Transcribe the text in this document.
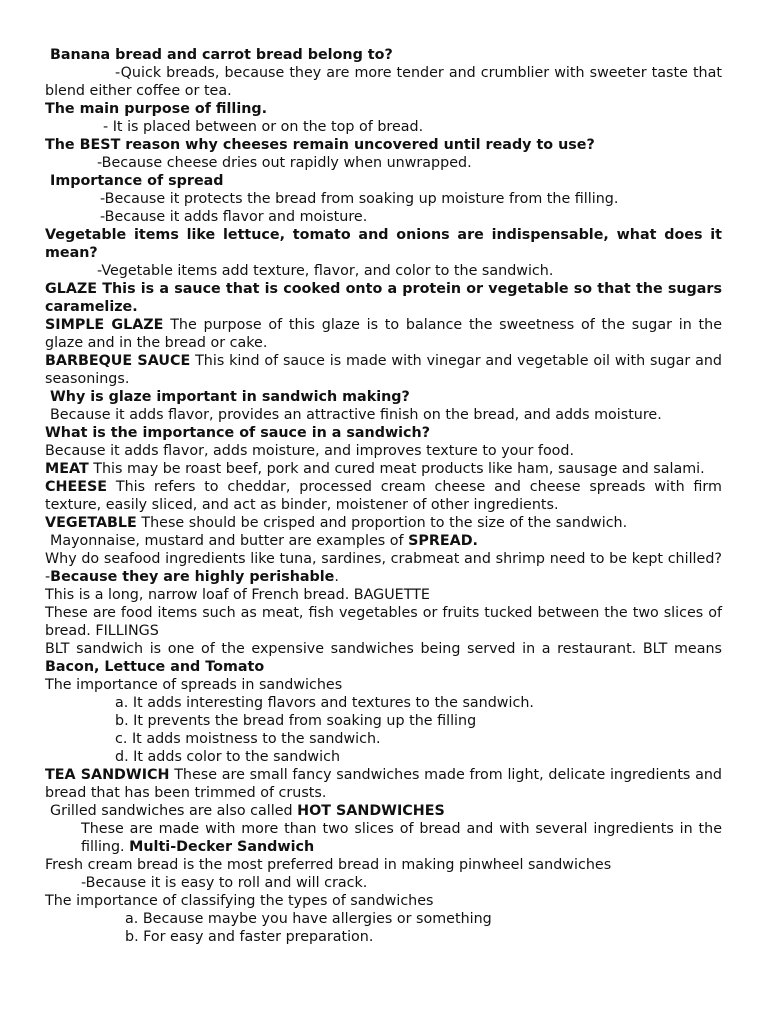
Banana bread and carrot bread belong to?

-Quick breads, because they are more tender and crumblier with sweeter taste that blend either coffee or tea.

The main purpose of filling.

- It is placed between or on the top of bread.

The BEST reason why cheeses remain uncovered until ready to use?

-Because cheese dries out rapidly when unwrapped.

Importance of spread

-Because it protects the bread from soaking up moisture from the filling.

-Because it adds flavor and moisture.

Vegetable items like lettuce, tomato and onions are indispensable, what does it mean?

-Vegetable items add texture, flavor, and color to the sandwich.

GLAZE This is a sauce that is cooked onto a protein or vegetable so that the sugars caramelize.

SIMPLE GLAZE The purpose of this glaze is to balance the sweetness of the sugar in the glaze and in the bread or cake.

BARBEQUE SAUCE This kind of sauce is made with vinegar and vegetable oil with sugar and seasonings.

Why is glaze important in sandwich making?

Because it adds flavor, provides an attractive finish on the bread, and adds moisture.

What is the importance of sauce in a sandwich?

Because it adds flavor, adds moisture, and improves texture to your food.

MEAT This may be roast beef, pork and cured meat products like ham, sausage and salami.

CHEESE This refers to cheddar, processed cream cheese and cheese spreads with firm texture, easily sliced, and act as binder, moistener of other ingredients.

VEGETABLE These should be crisped and proportion to the size of the sandwich.

Mayonnaise, mustard and butter are examples of SPREAD.

Why do seafood ingredients like tuna, sardines, crabmeat and shrimp need to be kept chilled? -Because they are highly perishable.

This is a long, narrow loaf of French bread. BAGUETTE

These are food items such as meat, fish vegetables or fruits tucked between the two slices of bread. FILLINGS

BLT sandwich is one of the expensive sandwiches being served in a restaurant. BLT means Bacon, Lettuce and Tomato

The importance of spreads in sandwiches

a. It adds interesting flavors and textures to the sandwich.

b. It prevents the bread from soaking up the filling

c. It adds moistness to the sandwich.

d. It adds color to the sandwich

TEA SANDWICH These are small fancy sandwiches made from light, delicate ingredients and bread that has been trimmed of crusts.

Grilled sandwiches are also called HOT SANDWICHES

These are made with more than two slices of bread and with several ingredients in the filling. Multi-Decker Sandwich

Fresh cream bread is the most preferred bread in making pinwheel sandwiches

-Because it is easy to roll and will crack.

The importance of classifying the types of sandwiches

a. Because maybe you have allergies or something

b. For easy and faster preparation.
